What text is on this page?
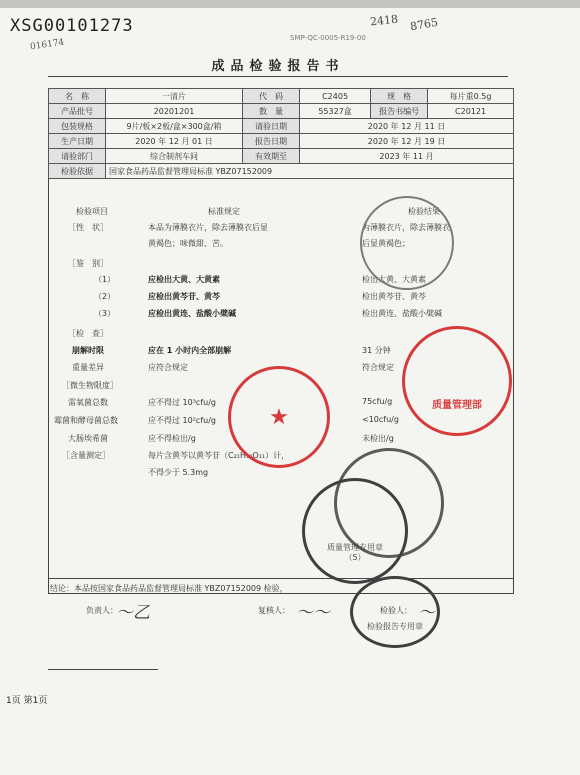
XSG00101273
016174	SMP-QC-0005-R19-00
2418 8765
成品检验报告书
名　称	一清片	代　码	C2405	规　格	每片重0.5g
产品批号	20201201	数　量	55327盒	报告书编号	C20121
包装规格	9片/板×2板/盒×300盒/箱	请验日期	2020 年 12 月 11 日		
生产日期	2020 年 12 月 01 日	报告日期	2020 年 12 月 19 日		
请验部门	综合制剂车间	有效期至	2023 年 11 月		
检验依据	国家食品药品监督管理局标准 YBZ07152009				
检验项目	标准规定	检验结果
［性　状］	本品为薄膜衣片，除去薄膜衣后显
黄褐色；味微甜、苦。
为薄膜衣片，除去薄膜衣
后显黄褐色；
［鉴　别］
（1）	应检出大黄、大黄素	检出大黄、大黄素
（2）	应检出黄芩苷、黄芩	检出黄芩苷、黄芩
（3）	应检出黄连、盐酸小檗碱	检出黄连、盐酸小檗碱
［检　查］
崩解时限	应在 1 小时内全部崩解	31 分钟
重量差异	应符合规定	符合规定
［微生物限度］
需氧菌总数	应不得过 10³cfu/g	75cfu/g
霉菌和酵母菌总数	应不得过 10²cfu/g	<10cfu/g
大肠埃希菌	应不得检出/g	未检出/g
［含量测定］	每片含黄芩以黄芩苷（C₂₁H₁₈O₁₁）计，
不得少于 5.3mg
质量管理部
★
质量管理专用章
（5）
检验报告专用章
结论：本品按国家食品药品监督管理局标准 YBZ07152009 检验，
负责人：
〜乙	复核人： 〜〜	检验人： 〜
1页 第1页
